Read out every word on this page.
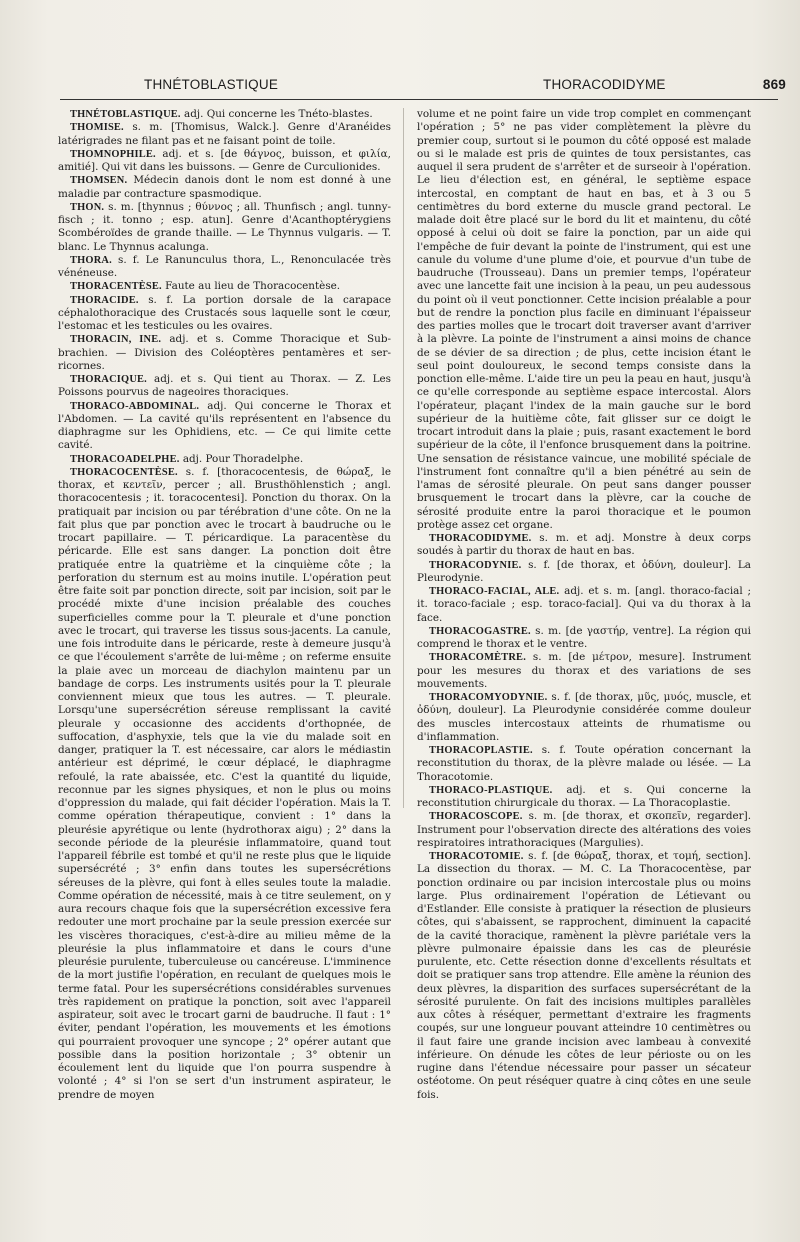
THNÉTOBLASTIQUE	THORACODIDYME	869

THNÉTOBLASTIQUE. adj. Qui concerne les Tnéto-blastes.

THOMISE. s. m. [Thomisus, Walck.]. Genre d'Aranéides latérigrades ne filant pas et ne faisant point de toile.

THOMNOPHILE. adj. et s. [de θάγνος, buisson, et φιλία, amitié]. Qui vit dans les buissons. — Genre de Curculionides.

THOMSEN. Médecin danois dont le nom est donné à une maladie par contracture spasmodique.

THON. s. m. [thynnus ; θύννος ; all. Thunfisch ; angl. tunny-fisch ; it. tonno ; esp. atun]. Genre d'Acanthoptérygiens Scombéroïdes de grande thaille. — Le Thynnus vulgaris. — T. blanc. Le Thynnus acalunga.

THORA. s. f. Le Ranunculus thora, L., Renonculacée très vénéneuse.

THORACENTÈSE. Faute au lieu de Thoracocentèse.

THORACIDE. s. f. La portion dorsale de la carapace céphalothoracique des Crustacés sous laquelle sont le cœur, l'estomac et les testicules ou les ovaires.

THORACIN, INE. adj. et s. Comme Thoracique et Sub-brachien. — Division des Coléoptères pentamères et ser-ricornes.

THORACIQUE. adj. et s. Qui tient au Thorax. — Z. Les Poissons pourvus de nageoires thoraciques.

THORACO-ABDOMINAL. adj. Qui concerne le Thorax et l'Abdomen. — La cavité qu'ils représentent en l'absence du diaphragme sur les Ophidiens, etc. — Ce qui limite cette cavité.

THORACOADELPHE. adj. Pour Thoradelphe.

THORACOCENTÈSE. s. f. [thoracocentesis, de θώραξ, le thorax, et κεντεῖν, percer ; all. Brusthöhlenstich ; angl. thoracocentesis ; it. toracocentesi]. Ponction du thorax. On la pratiquait par incision ou par térébration d'une côte. On ne la fait plus que par ponction avec le trocart à baudruche ou le trocart papillaire. — T. péricardique. La paracentèse du péricarde. Elle est sans danger. La ponction doit être pratiquée entre la quatrième et la cinquième côte ; la perforation du sternum est au moins inutile. L'opération peut être faite soit par ponction directe, soit par incision, soit par le procédé mixte d'une incision préalable des couches superficielles comme pour la T. pleurale et d'une ponction avec le trocart, qui traverse les tissus sous-jacents. La canule, une fois introduite dans le péricarde, reste à demeure jusqu'à ce que l'écoulement s'arrête de lui-même ; on referme ensuite la plaie avec un morceau de diachylon maintenu par un bandage de corps. Les instruments usités pour la T. pleurale conviennent mieux que tous les autres. — T. pleurale. Lorsqu'une supersécrétion séreuse remplissant la cavité pleurale y occasionne des accidents d'orthopnée, de suffocation, d'asphyxie, tels que la vie du malade soit en danger, pratiquer la T. est nécessaire, car alors le médiastin antérieur est déprimé, le cœur déplacé, le diaphragme refoulé, la rate abaissée, etc. C'est la quantité du liquide, reconnue par les signes physiques, et non le plus ou moins d'oppression du malade, qui fait décider l'opération. Mais la T. comme opération thérapeutique, convient : 1° dans la pleurésie apyrétique ou lente (hydrothorax aigu) ; 2° dans la seconde période de la pleurésie inflammatoire, quand tout l'appareil fébrile est tombé et qu'il ne reste plus que le liquide supersécrété ; 3° enfin dans toutes les supersécrétions séreuses de la plèvre, qui font à elles seules toute la maladie. Comme opération de nécessité, mais à ce titre seulement, on y aura recours chaque fois que la supersécrétion excessive fera redouter une mort prochaine par la seule pression exercée sur les viscères thoraciques, c'est-à-dire au milieu même de la pleurésie la plus inflammatoire et dans le cours d'une pleurésie purulente, tuberculeuse ou cancéreuse. L'imminence de la mort justifie l'opération, en reculant de quelques mois le terme fatal. Pour les supersécrétions considérables survenues très rapidement on pratique la ponction, soit avec l'appareil aspirateur, soit avec le trocart garni de baudruche. Il faut : 1° éviter, pendant l'opération, les mouvements et les émotions qui pourraient provoquer une syncope ; 2° opérer autant que possible dans la position horizontale ; 3° obtenir un écoulement lent du liquide que l'on pourra suspendre à volonté ; 4° si l'on se sert d'un instrument aspirateur, le prendre de moyen

volume et ne point faire un vide trop complet en commençant l'opération ; 5° ne pas vider complètement la plèvre du premier coup, surtout si le poumon du côté opposé est malade ou si le malade est pris de quintes de toux persistantes, cas auquel il sera prudent de s'arrêter et de surseoir à l'opération. Le lieu d'élection est, en général, le septième espace intercostal, en comptant de haut en bas, et à 3 ou 5 centimètres du bord externe du muscle grand pectoral. Le malade doit être placé sur le bord du lit et maintenu, du côté opposé à celui où doit se faire la ponction, par un aide qui l'empêche de fuir devant la pointe de l'instrument, qui est une canule du volume d'une plume d'oie, et pourvue d'un tube de baudruche (Trousseau). Dans un premier temps, l'opérateur avec une lancette fait une incision à la peau, un peu audessous du point où il veut ponctionner. Cette incision préalable a pour but de rendre la ponction plus facile en diminuant l'épaisseur des parties molles que le trocart doit traverser avant d'arriver à la plèvre. La pointe de l'instrument a ainsi moins de chance de se dévier de sa direction ; de plus, cette incision étant le seul point douloureux, le second temps consiste dans la ponction elle-même. L'aide tire un peu la peau en haut, jusqu'à ce qu'elle corresponde au septième espace intercostal. Alors l'opérateur, plaçant l'index de la main gauche sur le bord supérieur de la huitième côte, fait glisser sur ce doigt le trocart introduit dans la plaie ; puis, rasant exactement le bord supérieur de la côte, il l'enfonce brusquement dans la poitrine. Une sensation de résistance vaincue, une mobilité spéciale de l'instrument font connaître qu'il a bien pénétré au sein de l'amas de sérosité pleurale. On peut sans danger pousser brusquement le trocart dans la plèvre, car la couche de sérosité produite entre la paroi thoracique et le poumon protège assez cet organe.

THORACODIDYME. s. m. et adj. Monstre à deux corps soudés à partir du thorax de haut en bas.

THORACODYNIE. s. f. [de thorax, et ὀδύνη, douleur]. La Pleurodynie.

THORACO-FACIAL, ALE. adj. et s. m. [angl. thoraco-facial ; it. toraco-faciale ; esp. toraco-facial]. Qui va du thorax à la face.

THORACOGASTRE. s. m. [de γαστήρ, ventre]. La région qui comprend le thorax et le ventre.

THORACOMÈTRE. s. m. [de μέτρον, mesure]. Instrument pour les mesures du thorax et des variations de ses mouvements.

THORACOMYODYNIE. s. f. [de thorax, μῦς, μυός, muscle, et ὀδύνη, douleur]. La Pleurodynie considérée comme douleur des muscles intercostaux atteints de rhumatisme ou d'inflammation.

THORACOPLASTIE. s. f. Toute opération concernant la reconstitution du thorax, de la plèvre malade ou lésée. — La Thoracotomie.

THORACO-PLASTIQUE. adj. et s. Qui concerne la reconstitution chirurgicale du thorax. — La Thoracoplastie.

THORACOSCOPE. s. m. [de thorax, et σκοπεῖν, regarder]. Instrument pour l'observation directe des altérations des voies respiratoires intrathoraciques (Margulies).

THORACOTOMIE. s. f. [de θώραξ, thorax, et τομή, section]. La dissection du thorax. — M. C. La Thoracocentèse, par ponction ordinaire ou par incision intercostale plus ou moins large. Plus ordinairement l'opération de Létievant ou d'Estlander. Elle consiste à pratiquer la résection de plusieurs côtes, qui s'abaissent, se rapprochent, diminuent la capacité de la cavité thoracique, ramènent la plèvre pariétale vers la plèvre pulmonaire épaissie dans les cas de pleurésie purulente, etc. Cette résection donne d'excellents résultats et doit se pratiquer sans trop attendre. Elle amène la réunion des deux plèvres, la disparition des surfaces supersécrétant de la sérosité purulente. On fait des incisions multiples parallèles aux côtes à réséquer, permettant d'extraire les fragments coupés, sur une longueur pouvant atteindre 10 centimètres ou il faut faire une grande incision avec lambeau à convexité inférieure. On dénude les côtes de leur périoste ou on les rugine dans l'étendue nécessaire pour passer un sécateur ostéotome. On peut réséquer quatre à cinq côtes en une seule fois.
